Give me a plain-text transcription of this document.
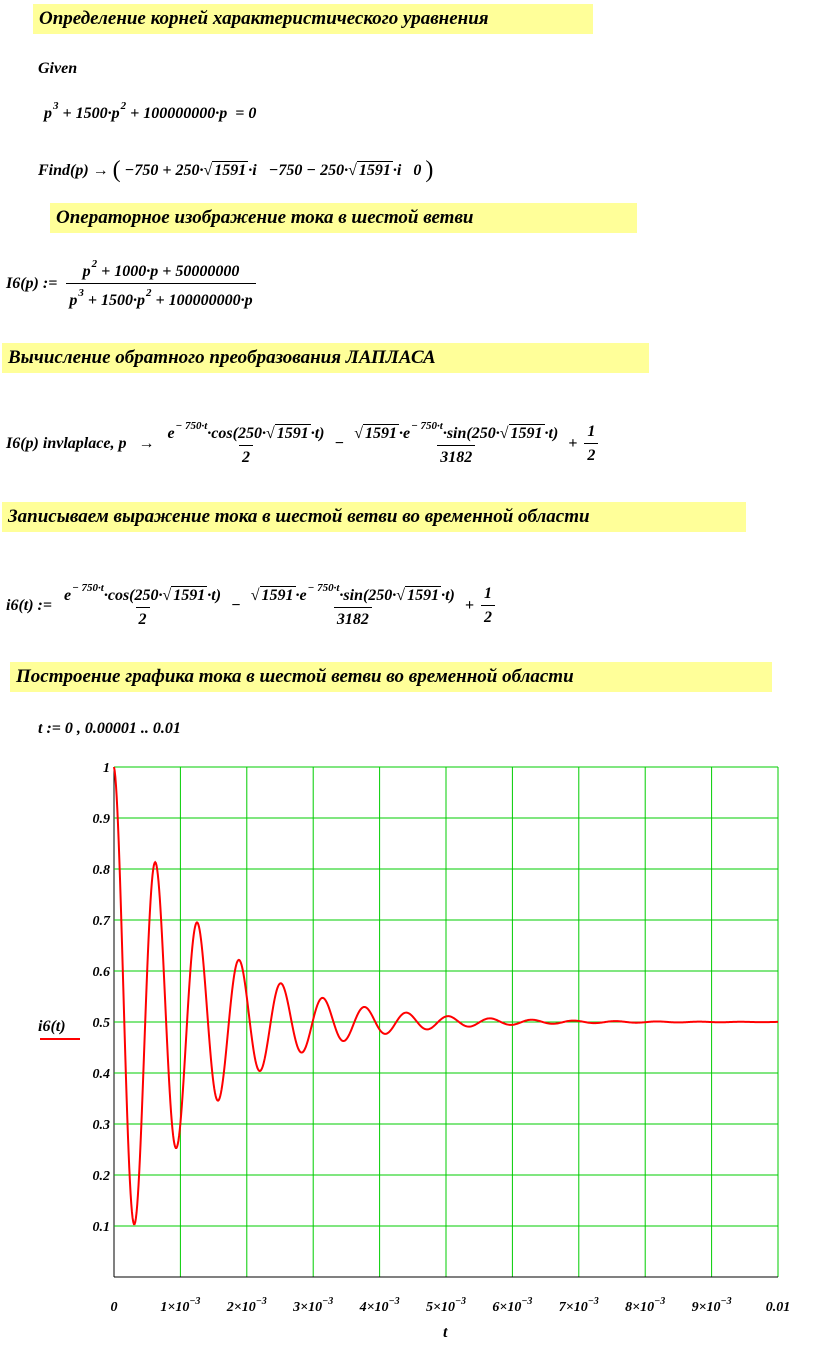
Определение корней характеристического уравнения
Given
$p^3 + 1500\cdot p^2 + 100000000\cdot p = 0$
Find(p) → ( −750 + 250·√ 1591 ·i −750 − 250·√ 1591 ·i 0 )
Операторное изображение тока в шестой ветви
I6(p) := $\frac{p^2 + 1000\cdot p + 50000000}{p^3 + 1500\cdot p^2 + 100000000\cdot p}$
Вычисление обратного преобразования ЛАПЛАСА
I6(p)
invlaplace , p
→ $\frac{e^{- 750\cdot t}\cdot\cos(250\cdot√ 1591 \cdot t)}{2} - \frac{√ 1591 \cdot e^{- 750\cdot t}\cdot\sin(250\cdot√ 1591 \cdot t)}{3182} + \frac{1}{2}$
Записываем выражение тока в шестой ветви во временной области
i6(t) := $\frac{e^{- 750\cdot t}\cdot\cos(250\cdot√ 1591 \cdot t)}{2} - \frac{√ 1591 \cdot e^{- 750\cdot t}\cdot\sin(250\cdot√ 1591 \cdot t)}{3182} + \frac{1}{2}$
Построение графика тока в шестой ветви во временной области
t := 0 , 0.00001 .. 0.01
0.1
0.2
0.3
0.4
0.5
0.6
0.7
0.8
0.9
1
0	$1\times 10^{-3}$ $2\times 10^{-3}$ $3\times 10^{-3}$ $4\times 10^{-3}$ $5\times 10^{-3}$ $6\times 10^{-3}$ $7\times 10^{-3}$ $8\times 10^{-3}$ $9\times 10^{-3}$ 0.01
i6(t)
t
